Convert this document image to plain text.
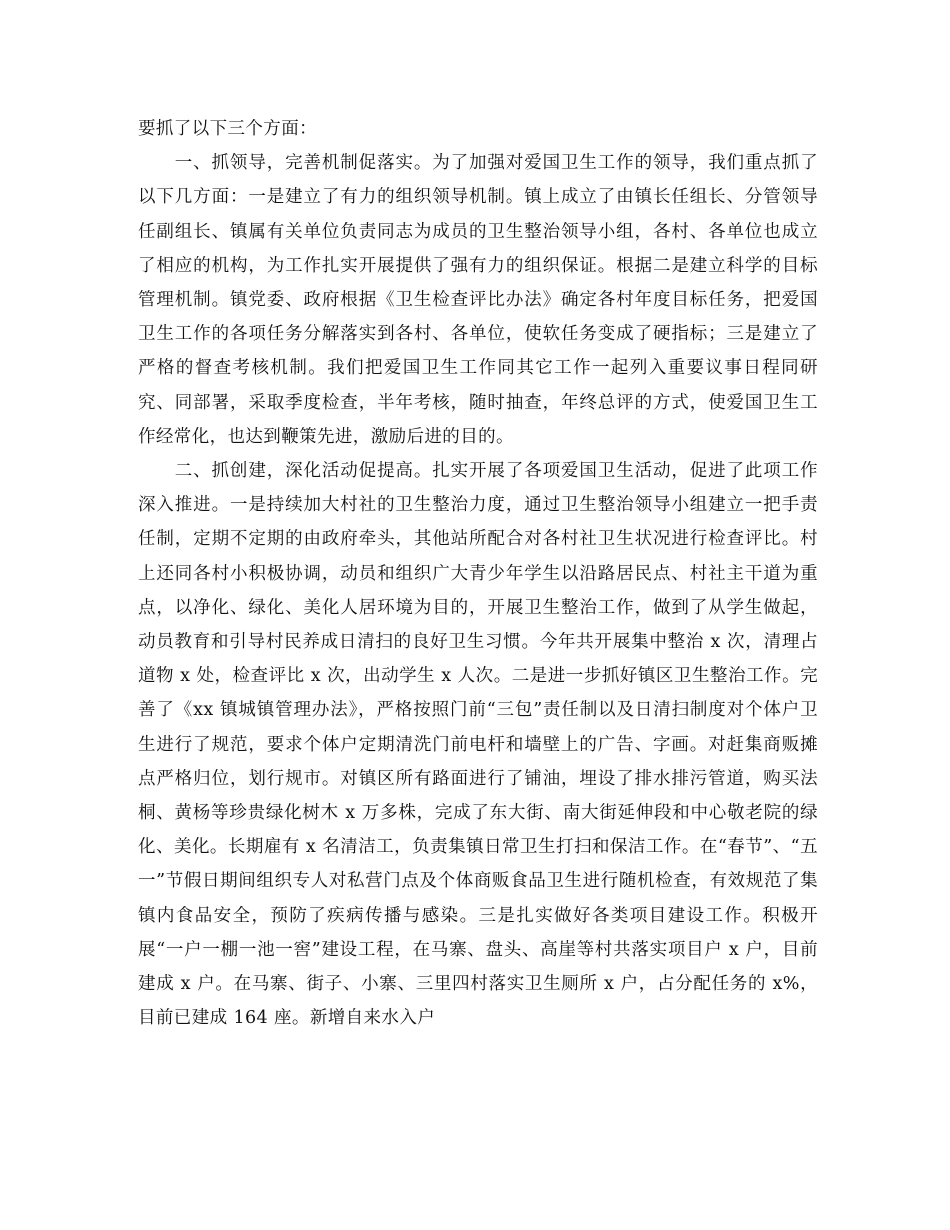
要抓了以下三个方面：

一、抓领导，完善机制促落实。为了加强对爱国卫生工作的领导，我们重点抓了以下几方面：一是建立了有力的组织领导机制。镇上成立了由镇长任组长、分管领导任副组长、镇属有关单位负责同志为成员的卫生整治领导小组，各村、各单位也成立了相应的机构，为工作扎实开展提供了强有力的组织保证。根据二是建立科学的目标管理机制。镇党委、政府根据《卫生检查评比办法》确定各村年度目标任务，把爱国卫生工作的各项任务分解落实到各村、各单位，使软任务变成了硬指标；三是建立了严格的督查考核机制。我们把爱国卫生工作同其它工作一起列入重要议事日程同研究、同部署，采取季度检查，半年考核，随时抽查，年终总评的方式，使爱国卫生工作经常化，也达到鞭策先进，激励后进的目的。

二、抓创建，深化活动促提高。扎实开展了各项爱国卫生活动，促进了此项工作深入推进。一是持续加大村社的卫生整治力度，通过卫生整治领导小组建立一把手责任制，定期不定期的由政府牵头，其他站所配合对各村社卫生状况进行检查评比。村上还同各村小积极协调，动员和组织广大青少年学生以沿路居民点、村社主干道为重点，以净化、绿化、美化人居环境为目的，开展卫生整治工作，做到了从学生做起，动员教育和引导村民养成日清扫的良好卫生习惯。今年共开展集中整治 x 次，清理占道物 x 处，检查评比 x 次，出动学生 x 人次。二是进一步抓好镇区卫生整治工作。完善了《xx 镇城镇管理办法》，严格按照门前“三包”责任制以及日清扫制度对个体户卫生进行了规范，要求个体户定期清洗门前电杆和墙壁上的广告、字画。对赶集商贩摊点严格归位，划行规市。对镇区所有路面进行了铺油，埋设了排水排污管道，购买法桐、黄杨等珍贵绿化树木 x 万多株，完成了东大街、南大街延伸段和中心敬老院的绿化、美化。长期雇有 x 名清洁工，负责集镇日常卫生打扫和保洁工作。在“春节”、“五一”节假日期间组织专人对私营门点及个体商贩食品卫生进行随机检查，有效规范了集镇内食品安全，预防了疾病传播与感染。三是扎实做好各类项目建设工作。积极开展“一户一棚一池一窖”建设工程，在马寨、盘头、高崖等村共落实项目户 x 户，目前建成 x 户。在马寨、街子、小寨、三里四村落实卫生厕所 x 户，占分配任务的 x%，目前已建成 164 座。新增自来水入户
